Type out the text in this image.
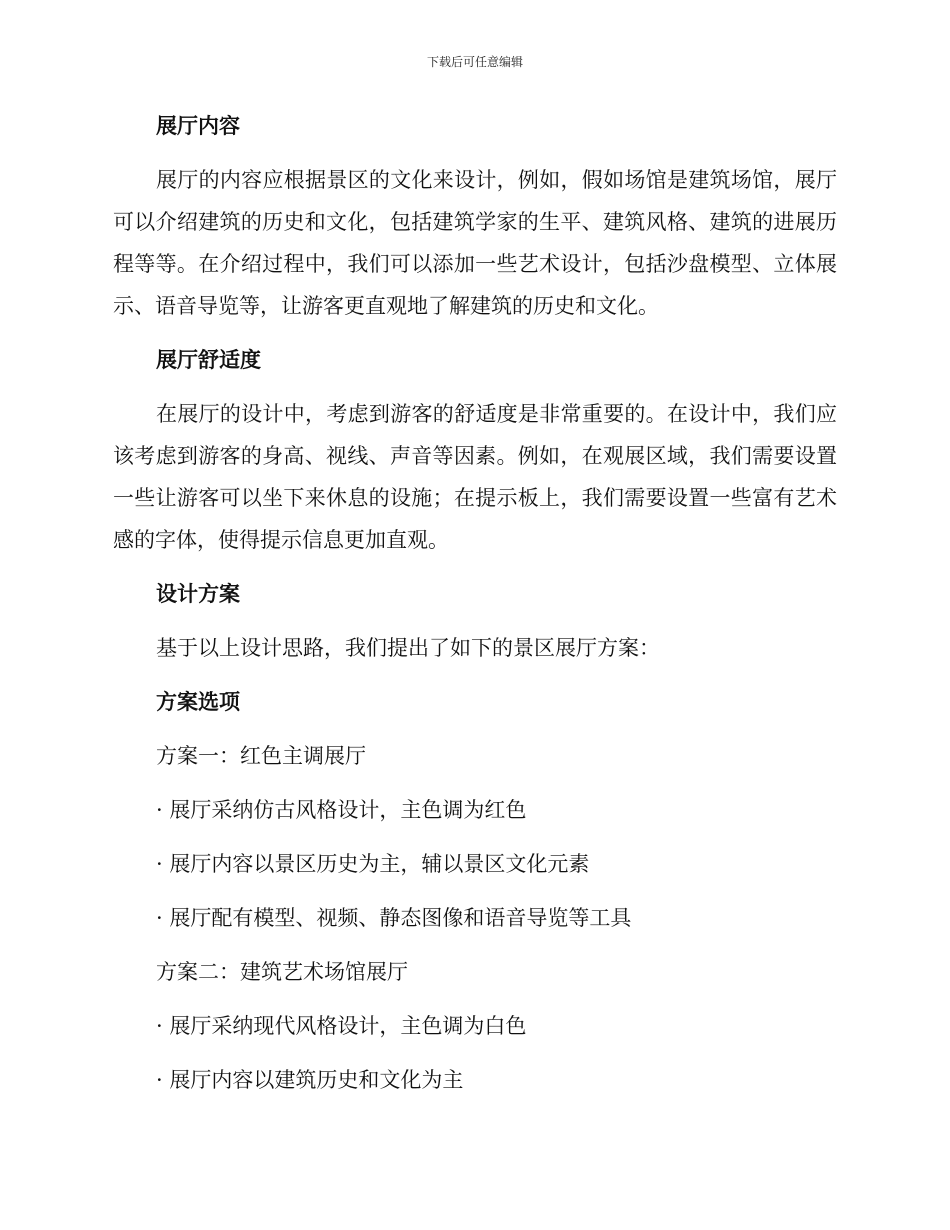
下载后可任意编辑

展厅内容

展厅的内容应根据景区的文化来设计，例如，假如场馆是建筑场馆，展厅可以介绍建筑的历史和文化，包括建筑学家的生平、建筑风格、建筑的进展历程等等。在介绍过程中，我们可以添加一些艺术设计，包括沙盘模型、立体展示、语音导览等，让游客更直观地了解建筑的历史和文化。

展厅舒适度

在展厅的设计中，考虑到游客的舒适度是非常重要的。在设计中，我们应该考虑到游客的身高、视线、声音等因素。例如，在观展区域，我们需要设置一些让游客可以坐下来休息的设施；在提示板上，我们需要设置一些富有艺术感的字体，使得提示信息更加直观。

设计方案

基于以上设计思路，我们提出了如下的景区展厅方案：

方案选项

方案一：红色主调展厅

· 展厅采纳仿古风格设计，主色调为红色

· 展厅内容以景区历史为主，辅以景区文化元素

· 展厅配有模型、视频、静态图像和语音导览等工具

方案二：建筑艺术场馆展厅

· 展厅采纳现代风格设计，主色调为白色

· 展厅内容以建筑历史和文化为主
